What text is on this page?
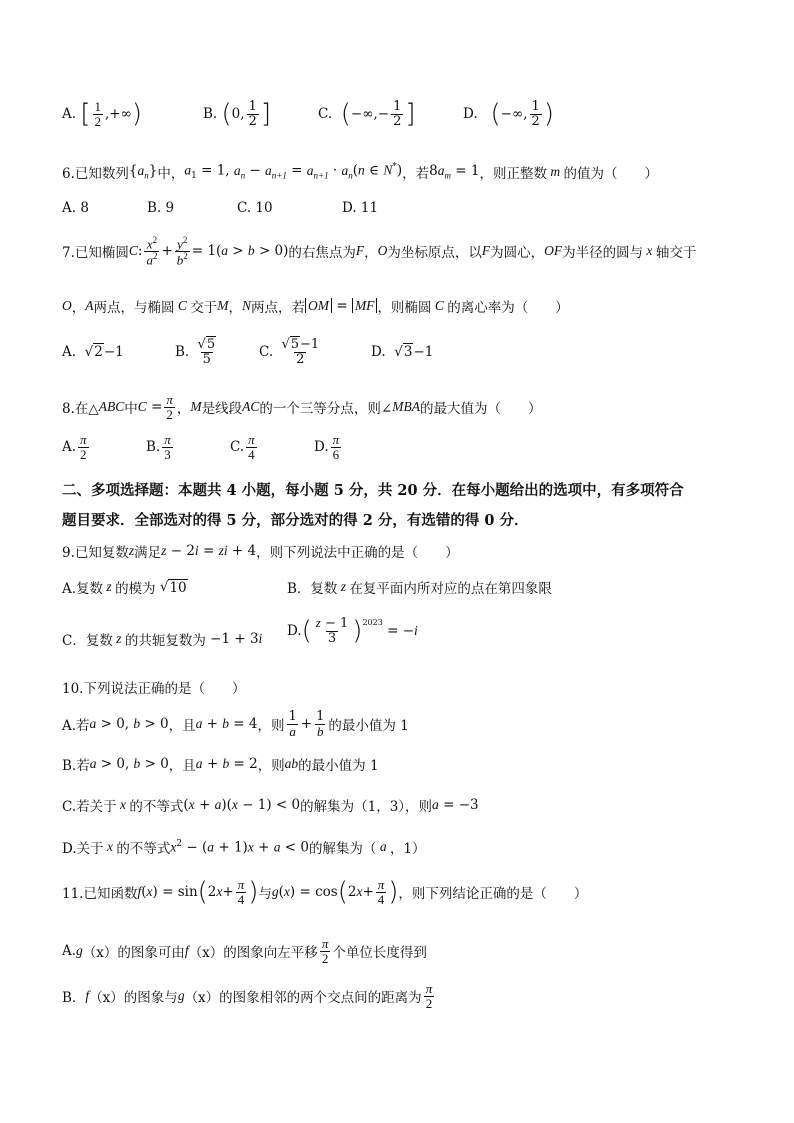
A.
[ $\frac{1}{2}$ ,+∞ )	B.
( 0, $\frac{1}{2}$ ]	C.
( −∞,− $\frac{1}{2}$ ]	D.
( −∞, $\frac{1}{2}$ )
6.已知数列 $\{a_n\}$ 中， $a_1 = 1$, $a_n - a_{n+1} = a_{n+1} \cdot a_n(n$ ∈ N*) ，若 $8a_m = 1$ ，则正整数 m 的值为（　　）
A. 8	B. 9	C. 10	D. 11
7.已知椭圆 C : $\frac{x^2}{a^2} + \frac{y^2}{b^2} = 1(a > b > 0)$ 的右焦点为 F ， O 为坐标原点，以 F 为圆心， OF 为半径的圆与 x 轴交于
O ， A 两点，与椭圆 C 交于 M ， N 两点，若 OM = MF ，则椭圆 C 的离心率为（　　）
A. √ 2 −1	B.
$\frac{√5}{5}$	C.
$\frac{√5-1}{2}$	D. √ 3 −1
8.在△ ABC 中 $C = \frac{\pi}{2}$ ， M 是线段 AC 的一个三等分点，则∠ MBA 的最大值为（　　）
A. $\frac{\pi}{2}$	B. $\frac{\pi}{3}$	C. $\frac{\pi}{4}$	D. $\frac{\pi}{6}$
二、多项选择题：本题共 4 小题，每小题 5 分，共 20 分．在每小题给出的选项中，有多项符合
题目要求．全部选对的得 5 分，部分选对的得 2 分，有选错的得 0 分．
9.已知复数 z 满足 z − 2i = zi + 4 ，则下列说法中正确的是（　　）
A.复数 z 的模为 √ 10	B．复数 z 在复平面内所对应的点在第四象限
C．复数 z 的共轭复数为 −1 + 3 i D. ( $\frac{z - 1}{3} )^{2023}$
= −i
10.下列说法正确的是（　　）
A.若 a > 0, b > 0 ，且 a + b = 4 ，则 $\frac{1}{a} + \frac{1}{b}$ 的最小值为 1
B.若 a > 0, b > 0 ，且 a + b = 2 ，则 ab 的最小值为 1
C.若关于 x 的不等式 (x + a)(x − 1) < 0 的解集为（1，3），则 a = −3
D.关于 x 的不等式 $x^2 - (a + 1)x + a < 0$ 的解集为（ a ，1）
11.已知函数 f(x) = sin ( $2x+ \frac{\pi}{4}$ ) 与 g(x) = cos ( $2x+ \frac{\pi}{4}$ ) ，则下列结论正确的是（　　）
A. g （x）的图象可由 f （x）的图象向左平移 $\frac{\pi}{2}$ 个单位长度得到
B． f （x）的图象与 g （x）的图象相邻的两个交点间的距离为 $\frac{\pi}{2}$
